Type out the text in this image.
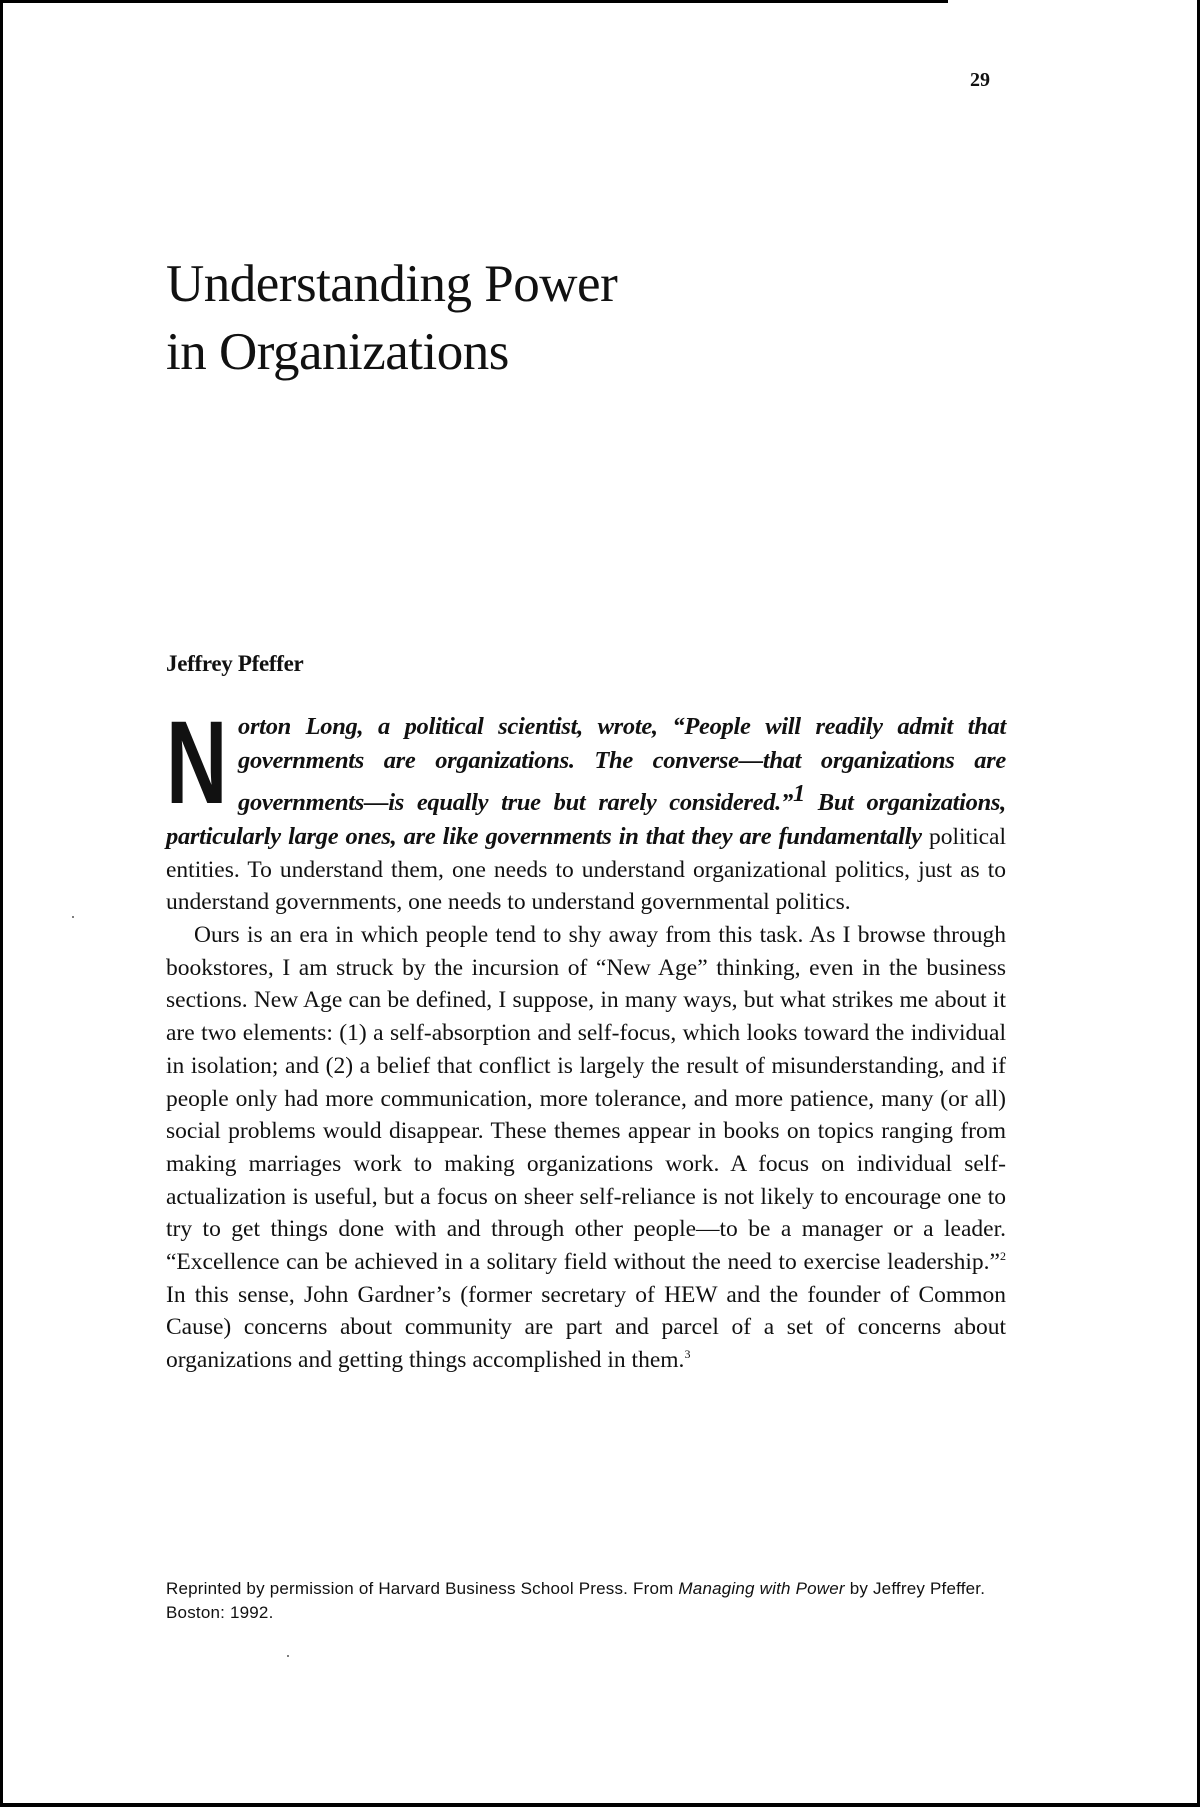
29
Understanding Power
in Organizations
Jeffrey Pfeffer

Norton Long, a political scientist, wrote, “People will readily admit that governments are organizations. The converse—that organizations are governments—is equally true but rarely considered.”$^1$ But organizations, particularly large ones, are like governments in that they are fundamentally political entities. To understand them, one needs to understand organizational politics, just as to understand governments, one needs to understand governmental politics.

Ours is an era in which people tend to shy away from this task. As I browse through bookstores, I am struck by the incursion of “New Age” thinking, even in the business sections. New Age can be defined, I suppose, in many ways, but what strikes me about it are two elements: (1) a self-absorption and self-focus, which looks toward the individual in isolation; and (2) a belief that conflict is largely the result of misunderstanding, and if people only had more communication, more tolerance, and more patience, many (or all) social problems would disappear. These themes appear in books on topics ranging from making marriages work to making organizations work. A focus on individual self-actualization is useful, but a focus on sheer self-reliance is not likely to encourage one to try to get things done with and through other people—to be a manager or a leader. “Excellence can be achieved in a solitary field without the need to exercise leadership.”$^2$ In this sense, John Gardner’s (former secretary of HEW and the founder of Common Cause) concerns about community are part and parcel of a set of concerns about organizations and getting things accomplished in them.$^3$

Reprinted by permission of Harvard Business School Press. From Managing with Power by Jeffrey Pfeffer. Boston: 1992.
